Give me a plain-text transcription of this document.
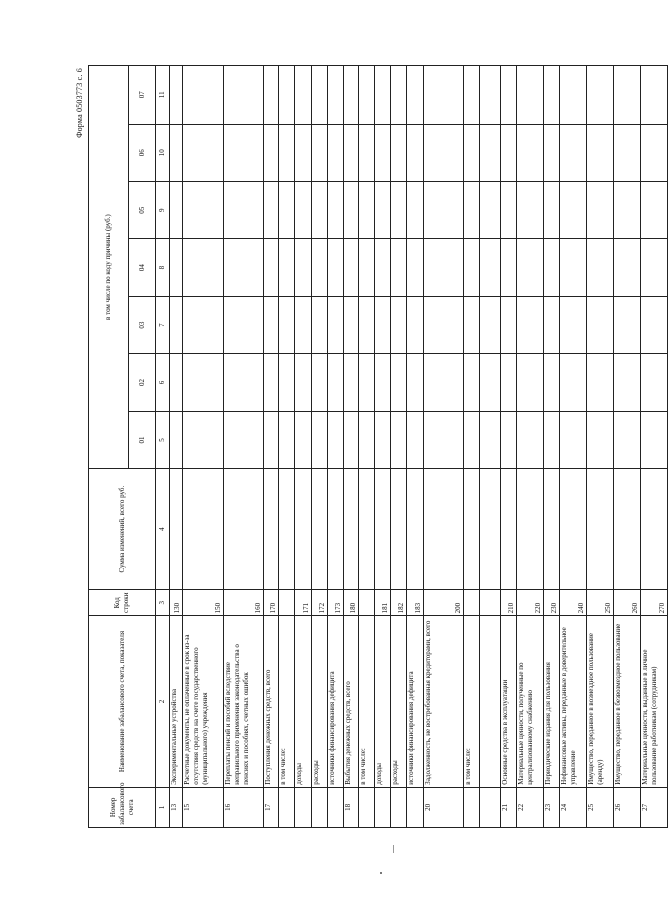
Форма 0503773 с. 6
Номер забалансового счета	Наименование забалансового счета, показателя	Код строки	Сумма изменений, всего руб.	в том числе по коду причины (руб.)						
				01	02	03	04	05	06	07
1	2	3	4	5	6	7	8	9	10	11
13	Экспериментальные устройства	130								
15	Расчетные документы, не оплаченные в срок из-за отсутствия средств на счете государственного (муниципального) учреждения	150								
16	Переплаты пенсий и пособий вследствие неправильного применения законодательства о пенсиях и пособиях, счетных ошибок	160								
17	Поступления денежных средств, всего	170								
	в том числе:									
	доходы	171								
	расходы	172								
	источники финансирования дефицита	173								
18	Выбытия денежных средств, всего	180								
	в том числе:									
	доходы	181								
	расходы	182								
	источники финансирования дефицита	183								
20	Задолженность, не востребованная кредиторами, всего	200								
	в том числе:									

21	Основные средства в эксплуатации	210								
22	Материальные ценности, полученные по централизованному снабжению	220								
23	Периодические издания для пользования	230								
24	Нефинансовые активы, переданные в доверительное управление	240								
25	Имущество, переданное в возмездное пользование (аренду)	250								
26	Имущество, переданное в безвозмездное пользование	260								
27	Материальные ценности, выданные в личное пользование работникам (сотрудникам)	270								
